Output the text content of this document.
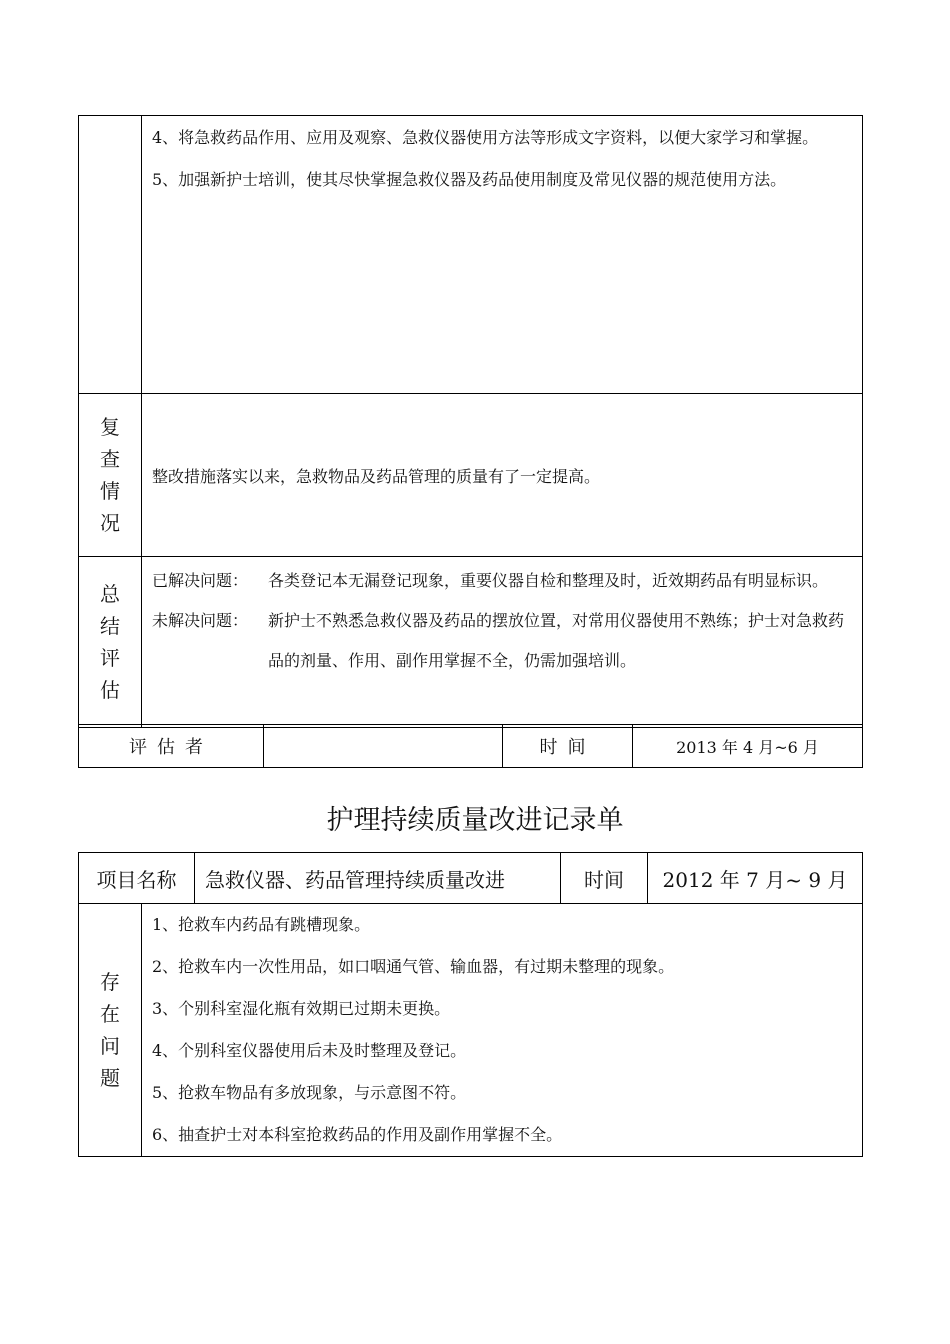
	4、将急救药品作用、应用及观察、急救仪器使用方法等形成文字资料，以便大家学习和掌握。
5、加强新护士培训，使其尽快掌握急救仪器及药品使用制度及常见仪器的规范使用方法。

复查情况	整改措施落实以来，急救物品及药品管理的质量有了一定提高。
总结评估	已解决问题： 各类登记本无漏登记现象，重要仪器自检和整理及时，近效期药品有明显标识。
未解决问题： 新护士不熟悉急救仪器及药品的摆放位置，对常用仪器使用不熟练；护士对急救药品的剂量、作用、副作用掌握不全，仍需加强培训。
评估者		时间	2013 年 4 月~6 月
护理持续质量改进记录单
项目名称	急救仪器、药品管理持续质量改进	时间	2012 年 7 月~ 9 月
存在问题	
1、抢救车内药品有跳槽现象。
2、抢救车内一次性用品，如口咽通气管、输血器，有过期未整理的现象。
3、个别科室湿化瓶有效期已过期未更换。
4、个别科室仪器使用后未及时整理及登记。
5、抢救车物品有多放现象，与示意图不符。
6、抽查护士对本科室抢救药品的作用及副作用掌握不全。
